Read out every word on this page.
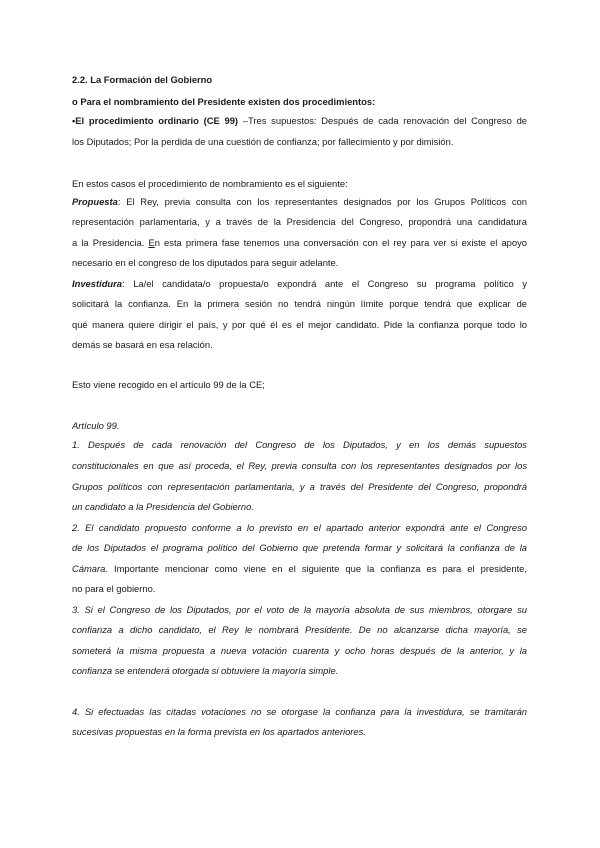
2.2. La Formación del Gobierno
o Para el nombramiento del Presidente existen dos procedimientos:
•El procedimiento ordinario (CE 99) –Tres supuestos: Después de cada renovación del Congreso de
los Diputados; Por la perdida de una cuestión de confianza; por fallecimiento y por dimisión.
En estos casos el procedimiento de nombramiento es el siguiente:
Propuesta: El Rey, previa consulta con los representantes designados por los Grupos Políticos con
representación parlamentaria, y a través de la Presidencia del Congreso, propondrá una candidatura
a la Presidencia. En esta primera fase tenemos una conversación con el rey para ver si existe el apoyo
necesario en el congreso de los diputados para seguir adelante.
Investidura: La/el candidata/o propuesta/o expondrá ante el Congreso su programa político y
solicitará la confianza. En la primera sesión no tendrá ningún límite porque tendrá que explicar de
qué manera quiere dirigir el país, y por qué él es el mejor candidato. Pide la confianza porque todo lo
demás se basará en esa relación.
Esto viene recogido en el artículo 99 de la CE;
Artículo 99.
1. Después de cada renovación del Congreso de los Diputados, y en los demás supuestos
constitucionales en que así proceda, el Rey, previa consulta con los representantes designados por los
Grupos políticos con representación parlamentaria, y a través del Presidente del Congreso, propondrá
un candidato a la Presidencia del Gobierno.
2. El candidato propuesto conforme a lo previsto en el apartado anterior expondrá ante el Congreso
de los Diputados el programa político del Gobierno que pretenda formar y solicitará la confianza de la
Cámara. Importante mencionar como viene en el siguiente que la confianza es para el presidente,
no para el gobierno.
3. Si el Congreso de los Diputados, por el voto de la mayoría absoluta de sus miembros, otorgare su
confianza a dicho candidato, el Rey le nombrará Presidente. De no alcanzarse dicha mayoría, se
someterá la misma propuesta a nueva votación cuarenta y ocho horas después de la anterior, y la
confianza se entenderá otorgada si obtuviere la mayoría simple.
4. Si efectuadas las citadas votaciones no se otorgase la confianza para la investidura, se tramitarán
sucesivas propuestas en la forma prevista en los apartados anteriores.
